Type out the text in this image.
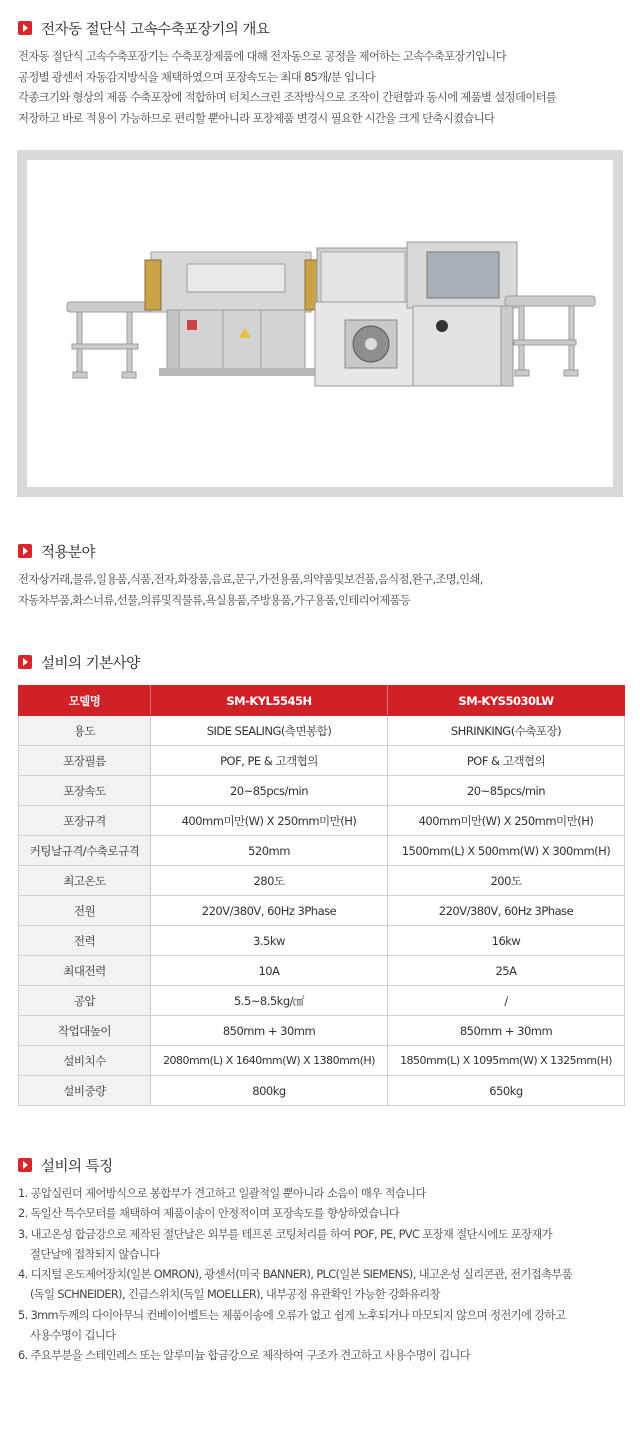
전자동 절단식 고속수축포장기의 개요

전자동 절단식 고속수축포장기는 수축포장제품에 대해 전자동으로 공정을 제어하는 고속수축포장기입니다

공정별 광센서 자동감지방식을 채택하였으며 포장속도는 최대 85개/분 입니다

각종크기와 형상의 제품 수축포장에 적합하며 터치스크린 조작방식으로 조작이 간편함과 동시에 제품별 설정데이터를

저장하고 바로 적용이 가능하므로 편리할 뿐아니라 포장제품 변경시 필요한 시간을 크게 단축시켰습니다

적용분야

전자상거래,물류,일용품,식품,전자,화장품,음료,문구,가전용품,의약품및보건품,음식점,완구,조명,인쇄,

자동차부품,화스너류,선물,의류및직물류,욕실용품,주방용품,가구용품,인테리어제품등

설비의 기본사양
모델명	SM-KYL5545H	SM-KYS5030LW
용도	SIDE SEALING(측면봉합)	SHRINKING(수축포장)
포장필름	POF, PE & 고객협의	POF & 고객협의
포장속도	20~85pcs/min	20~85pcs/min
포장규격	400mm미만(W) X 250mm미만(H)	400mm미만(W) X 250mm미만(H)
커팅날규격/수축로규격	520mm	1500mm(L) X 500mm(W) X 300mm(H)
최고온도	280도	200도
전원	220V/380V, 60Hz 3Phase	220V/380V, 60Hz 3Phase
전력	3.5kw	16kw
최대전력	10A	25A
공압	5.5~8.5kg/㎠	/
작업대높이	850mm + 30mm	850mm + 30mm
설비치수	2080mm(L) X 1640mm(W) X 1380mm(H)	1850mm(L) X 1095mm(W) X 1325mm(H)
설비중량	800kg	650kg
설비의 특징
1. 공압실린더 제어방식으로 봉합부가 견고하고 일괄적일 뿐아니라 소음이 매우 적습니다
2. 독일산 특수모터를 채택하여 제품이송이 안정적이며 포장속도를 향상하였습니다
3. 내고온성 합금강으로 제작된 절단날은 외부를 테프론 코팅처리를 하여 POF, PE, PVC 포장재 절단시에도 포장재가
절단날에 접착되지 않습니다
4. 디지털 온도제어장치(일본 OMRON), 광센서(미국 BANNER), PLC(일본 SIEMENS), 내고온성 실리콘관, 전기접촉부품
(독일 SCHNEIDER), 긴급스위치(독일 MOELLER), 내부공정 유관확인 가능한 강화유리창
5. 3mm두께의 다이아무늬 컨베이어벨트는 제품이송에 오류가 없고 쉽게 노후되거나 마모되지 않으며 정전기에 강하고
사용수명이 깁니다
6. 주요부분을 스테인레스 또는 알루미늄 합금강으로 제작하여 구조가 견고하고 사용수명이 깁니다
